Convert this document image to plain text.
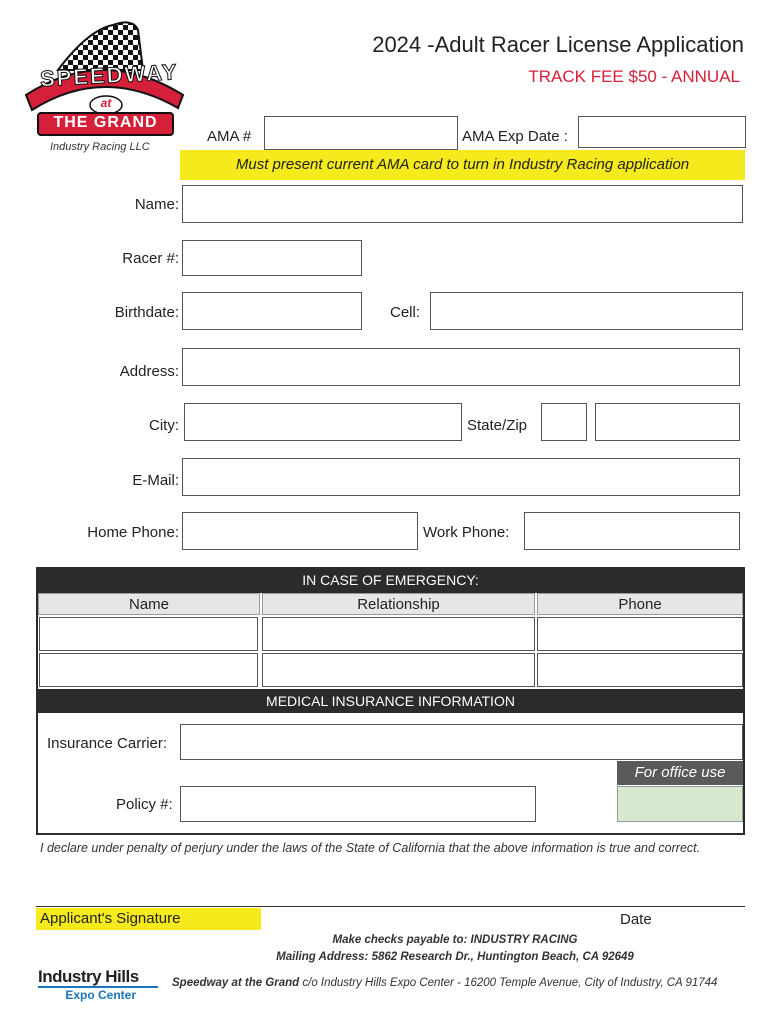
SPEEDWAY
at
THE GRAND
Industry Racing LLC
2024 -Adult Racer License Application
TRACK FEE $50 - ANNUAL
AMA #	AMA Exp Date :
Must present current AMA card to turn in Industry Racing application
Name:
Racer #:
Birthdate:	Cell:
Address:
City:	State/Zip
E-Mail:
Home Phone:	Work Phone:
IN CASE OF EMERGENCY:
Name	Relationship	Phone
MEDICAL INSURANCE INFORMATION
Insurance Carrier:
For office use
Policy #:
I declare under penalty of perjury under the laws of the State of California that the above information is true and correct.
Applicant's Signature	Date
Make checks payable to: INDUSTRY RACING
Mailing Address: 5862 Research Dr., Huntington Beach, CA 92649
Industry Hills
Expo Center
Speedway at the Grand c/o Industry Hills Expo Center - 16200 Temple Avenue, City of Industry, CA 91744
